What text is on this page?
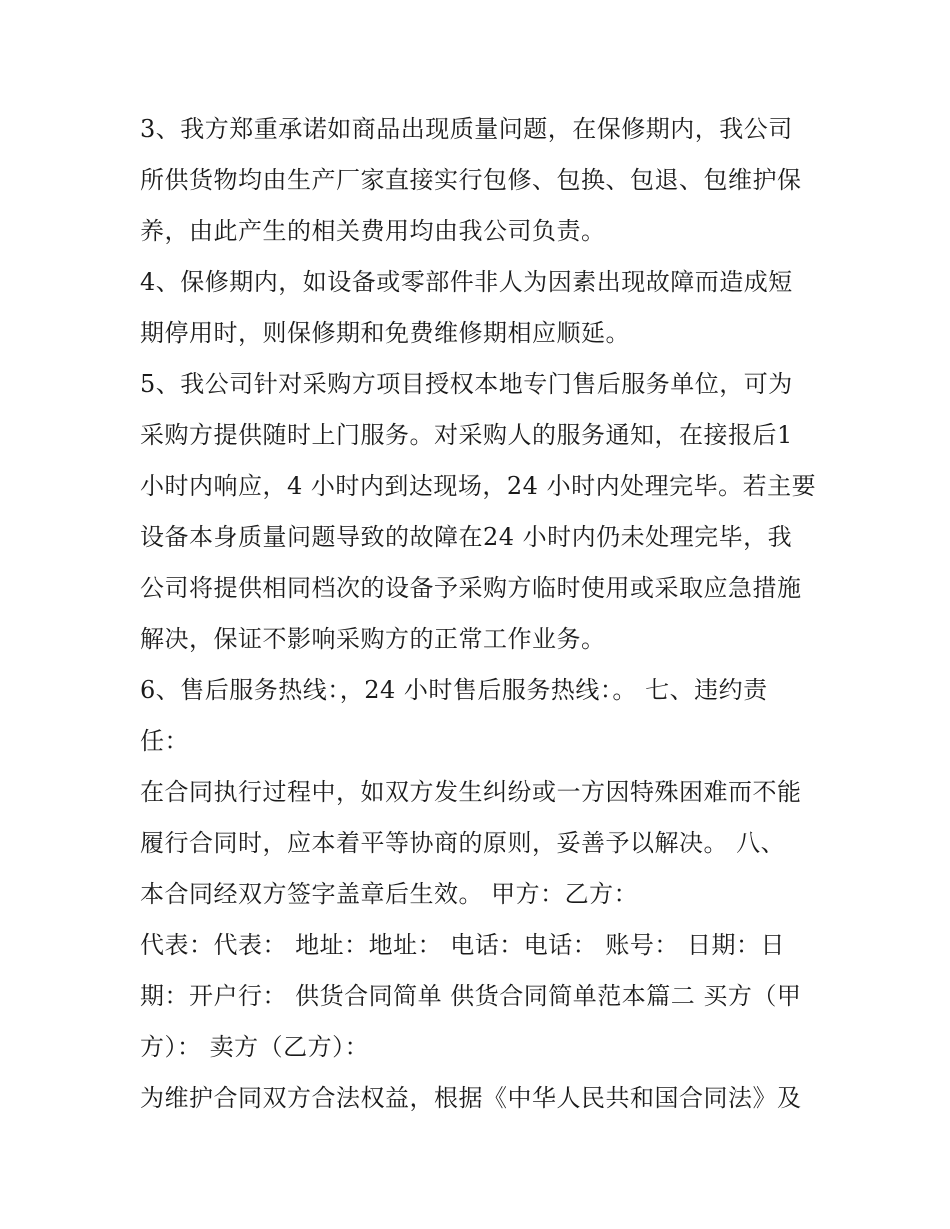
3、我方郑重承诺如商品出现质量问题，在保修期内，我公司
所供货物均由生产厂家直接实行包修、包换、包退、包维护保
养，由此产生的相关费用均由我公司负责。
4、保修期内，如设备或零部件非人为因素出现故障而造成短
期停用时，则保修期和免费维修期相应顺延。
5、我公司针对采购方项目授权本地专门售后服务单位，可为
采购方提供随时上门服务。对采购人的服务通知，在接报后1
小时内响应，4 小时内到达现场，24 小时内处理完毕。若主要
设备本身质量问题导致的故障在24 小时内仍未处理完毕，我
公司将提供相同档次的设备予采购方临时使用或采取应急措施
解决，保证不影响采购方的正常工作业务。
6、售后服务热线：，24 小时售后服务热线：。 七、违约责
任：
在合同执行过程中，如双方发生纠纷或一方因特殊困难而不能
履行合同时，应本着平等协商的原则，妥善予以解决。 八、
本合同经双方签字盖章后生效。 甲方：乙方：
代表：代表： 地址：地址： 电话：电话： 账号： 日期：日
期：开户行： 供货合同简单 供货合同简单范本篇二 买方（甲
方）： 卖方（乙方）：
为维护合同双方合法权益，根据《中华人民共和国合同法》及
